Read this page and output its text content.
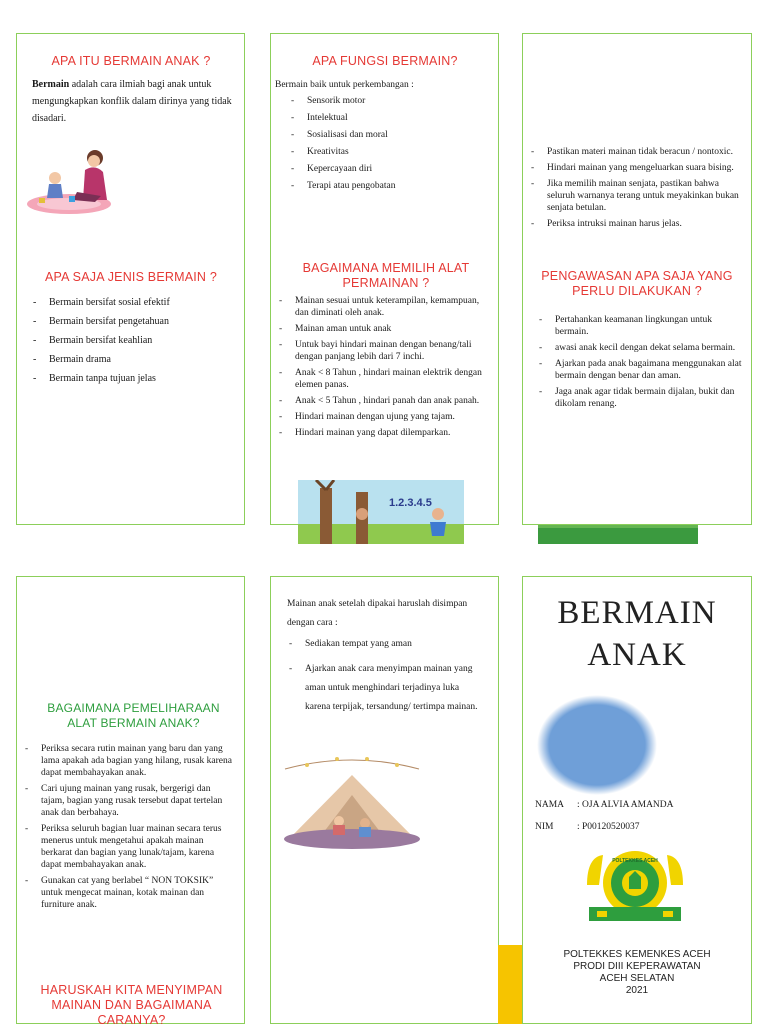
APA ITU BERMAIN ANAK ?
Bermain adalah cara ilmiah bagi anak untuk mengungkapkan konflik dalam dirinya yang tidak disadari.
APA SAJA JENIS BERMAIN ?
- Bermain bersifat sosial efektif
- Bermain bersifat pengetahuan
- Bermain bersifat keahlian
- Bermain drama
- Bermain tanpa tujuan jelas
APA FUNGSI BERMAIN?
Bermain baik untuk perkembangan :
- Sensorik motor
- Intelektual
- Sosialisasi dan moral
- Kreativitas
- Kepercayaan diri
- Terapi atau pengobatan
BAGAIMANA MEMILIH ALAT PERMAINAN ?
- Mainan sesuai untuk keterampilan, kemampuan, dan diminati oleh anak.
- Mainan aman untuk anak
- Untuk bayi hindari mainan dengan benang/tali dengan panjang lebih dari 7 inchi.
- Anak < 8 Tahun , hindari mainan elektrik dengan elemen panas.
- Anak < 5 Tahun , hindari panah dan anak panah.
- Hindari mainan dengan ujung yang tajam.
- Hindari mainan yang dapat dilemparkan.
1.2.3.4.5
- Pastikan materi mainan tidak beracun / nontoxic.
- Hindari mainan yang mengeluarkan suara bising.
- Jika memilih mainan senjata, pastikan bahwa seluruh warnanya terang untuk meyakinkan bukan senjata betulan.
- Periksa intruksi mainan harus jelas.
PENGAWASAN APA SAJA YANG PERLU DILAKUKAN ?
- Pertahankan keamanan lingkungan untuk bermain.
- awasi anak kecil dengan dekat selama bermain.
- Ajarkan pada anak bagaimana menggunakan alat bermain dengan benar dan aman.
- Jaga anak agar tidak bermain dijalan, bukit dan dikolam renang.
BAGAIMANA PEMELIHARAAN ALAT BERMAIN ANAK?
- Periksa secara rutin mainan yang baru dan yang lama apakah ada bagian yang hilang, rusak karena dapat membahayakan anak.
- Cari ujung mainan yang rusak, bergerigi dan tajam, bagian yang rusak tersebut dapat tertelan anak dan berbahaya.
- Periksa seluruh bagian luar mainan secara terus menerus untuk mengetahui apakah mainan berkarat dan bagian yang lunak/tajam, karena dapat membahayakan anak.
- Gunakan cat yang berlabel “ NON TOKSIK” untuk mengecat mainan, kotak mainan dan furniture anak.
HARUSKAH KITA MENYIMPAN MAINAN DAN BAGAIMANA CARANYA?
Mainan anak setelah dipakai haruslah disimpan dengan cara :
- Sediakan tempat yang aman
- Ajarkan anak cara menyimpan mainan yang aman untuk menghindari terjadinya luka karena terpijak, tersandung/ tertimpa mainan.
BERMAIN
ANAK
NAMA : OJA ALVIA AMANDA
NIM : P00120520037
POLTEKKES ACEH
POLTEKKES KEMENKES ACEH
PRODI DIII KEPERAWATAN
ACEH SELATAN
2021
